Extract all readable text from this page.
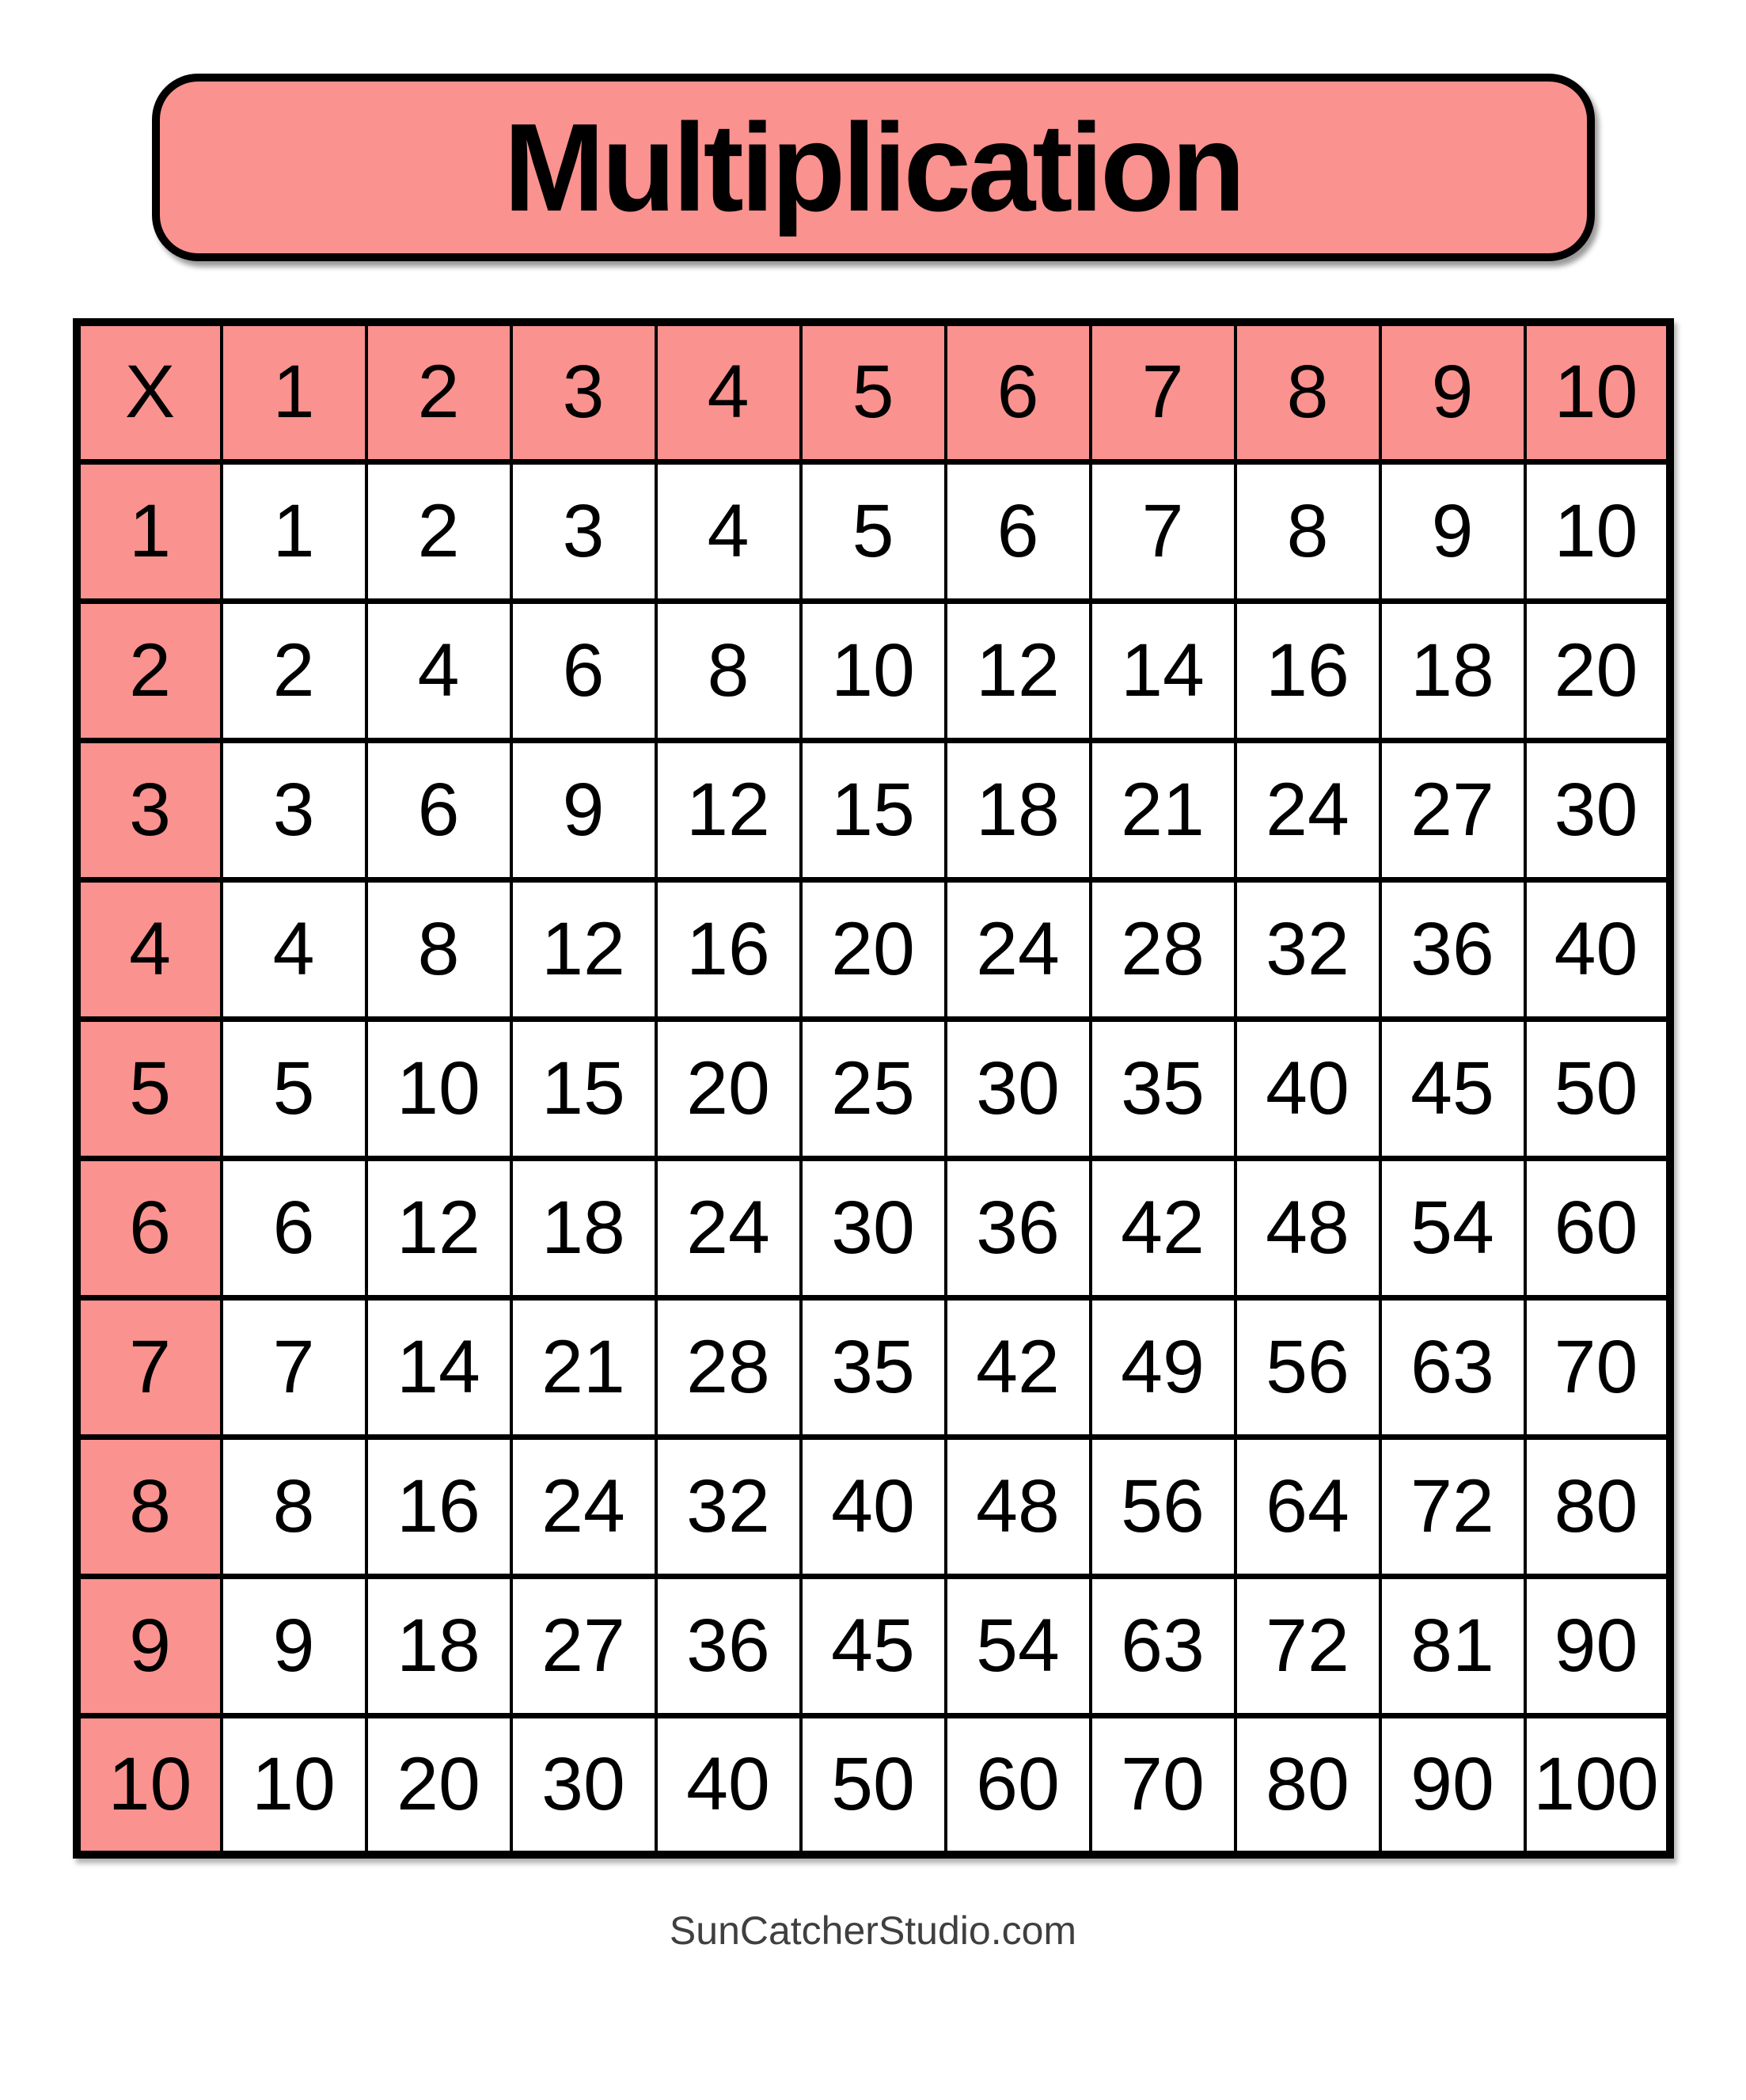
Multiplication
X	1	2	3	4	5	6	7	8	9	10
1	1	2	3	4	5	6	7	8	9	10
2	2	4	6	8	10	12	14	16	18	20
3	3	6	9	12	15	18	21	24	27	30
4	4	8	12	16	20	24	28	32	36	40
5	5	10	15	20	25	30	35	40	45	50
6	6	12	18	24	30	36	42	48	54	60
7	7	14	21	28	35	42	49	56	63	70
8	8	16	24	32	40	48	56	64	72	80
9	9	18	27	36	45	54	63	72	81	90
10	10	20	30	40	50	60	70	80	90	100
SunCatcherStudio.com
